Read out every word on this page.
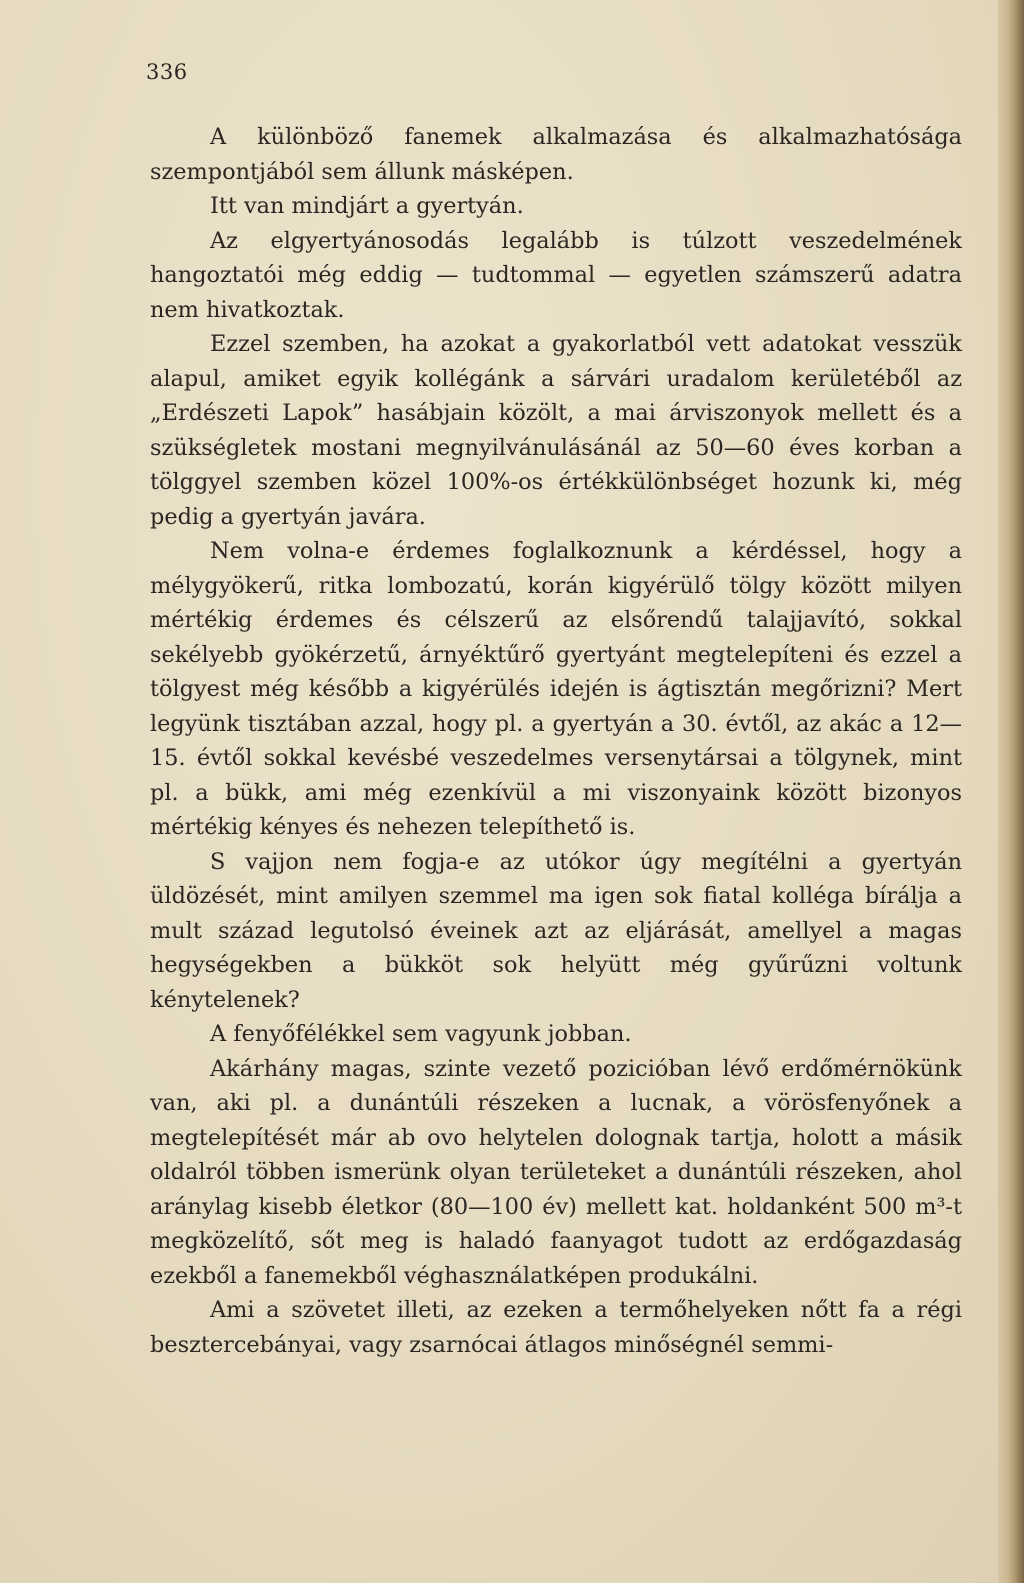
336

A különböző fanemek alkalmazása és alkalmazhatósága szempontjából sem állunk másképen.

Itt van mindjárt a gyertyán.

Az elgyertyánosodás legalább is túlzott veszedelmének hangoztatói még eddig — tudtommal — egyetlen számszerű adatra nem hivatkoztak.

Ezzel szemben, ha azokat a gyakorlatból vett adatokat vesszük alapul, amiket egyik kollégánk a sárvári uradalom kerületéből az „Erdészeti Lapok” hasábjain közölt, a mai árviszonyok mellett és a szükségletek mostani megnyilvánulásánál az 50—60 éves korban a tölggyel szemben közel 100%-os értékkülönbséget hozunk ki, még pedig a gyertyán javára.

Nem volna-e érdemes foglalkoznunk a kérdéssel, hogy a mélygyökerű, ritka lombozatú, korán kigyérülő tölgy között milyen mértékig érdemes és célszerű az elsőrendű talajjavító, sokkal sekélyebb gyökérzetű, árnyéktűrő gyertyánt megtelepíteni és ezzel a tölgyest még később a kigyérülés idején is ágtisztán megőrizni? Mert legyünk tisztában azzal, hogy pl. a gyertyán a 30. évtől, az akác a 12—15. évtől sokkal kevésbé veszedelmes versenytársai a tölgynek, mint pl. a bükk, ami még ezenkívül a mi viszonyaink között bizonyos mértékig kényes és nehezen telepíthető is.

S vajjon nem fogja-e az utókor úgy megítélni a gyertyán üldözését, mint amilyen szemmel ma igen sok fiatal kolléga bírálja a mult század legutolsó éveinek azt az eljárását, amellyel a magas hegységekben a bükköt sok helyütt még gyűrűzni voltunk kénytelenek?

A fenyőfélékkel sem vagyunk jobban.

Akárhány magas, szinte vezető pozicióban lévő erdőmérnökünk van, aki pl. a dunántúli részeken a lucnak, a vörösfenyőnek a megtelepítését már ab ovo helytelen dolognak tartja, holott a másik oldalról többen ismerünk olyan területeket a dunántúli részeken, ahol aránylag kisebb életkor (80—100 év) mellett kat. holdanként 500 m³-t megközelítő, sőt meg is haladó faanyagot tudott az erdőgazdaság ezekből a fanemekből véghasználatképen produkálni.

Ami a szövetet illeti, az ezeken a termőhelyeken nőtt fa a régi besztercebányai, vagy zsarnócai átlagos minőségnél semmi-
